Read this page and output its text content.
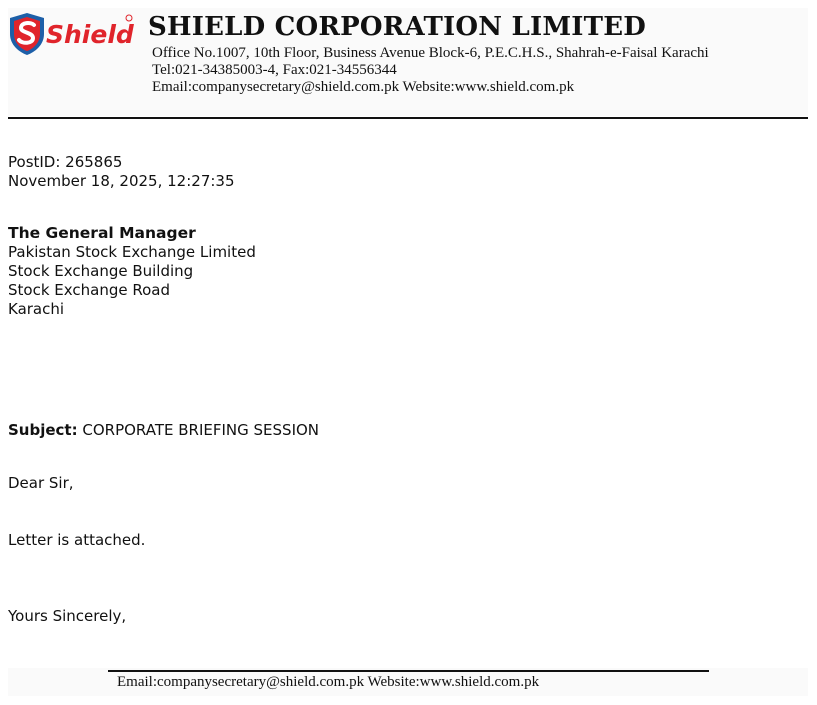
Shield SHIELD CORPORATION LIMITED
Office No.1007, 10th Floor, Business Avenue Block-6, P.E.C.H.S., Shahrah-e-Faisal Karachi
Tel:021-34385003-4, Fax:021-34556344
Email:companysecretary@shield.com.pk Website:www.shield.com.pk
PostID: 265865
November 18, 2025, 12:27:35
The General Manager
Pakistan Stock Exchange Limited
Stock Exchange Building
Stock Exchange Road
Karachi
Subject: CORPORATE BRIEFING SESSION
Dear Sir,
Letter is attached.
Yours Sincerely,
Email:companysecretary@shield.com.pk Website:www.shield.com.pk
